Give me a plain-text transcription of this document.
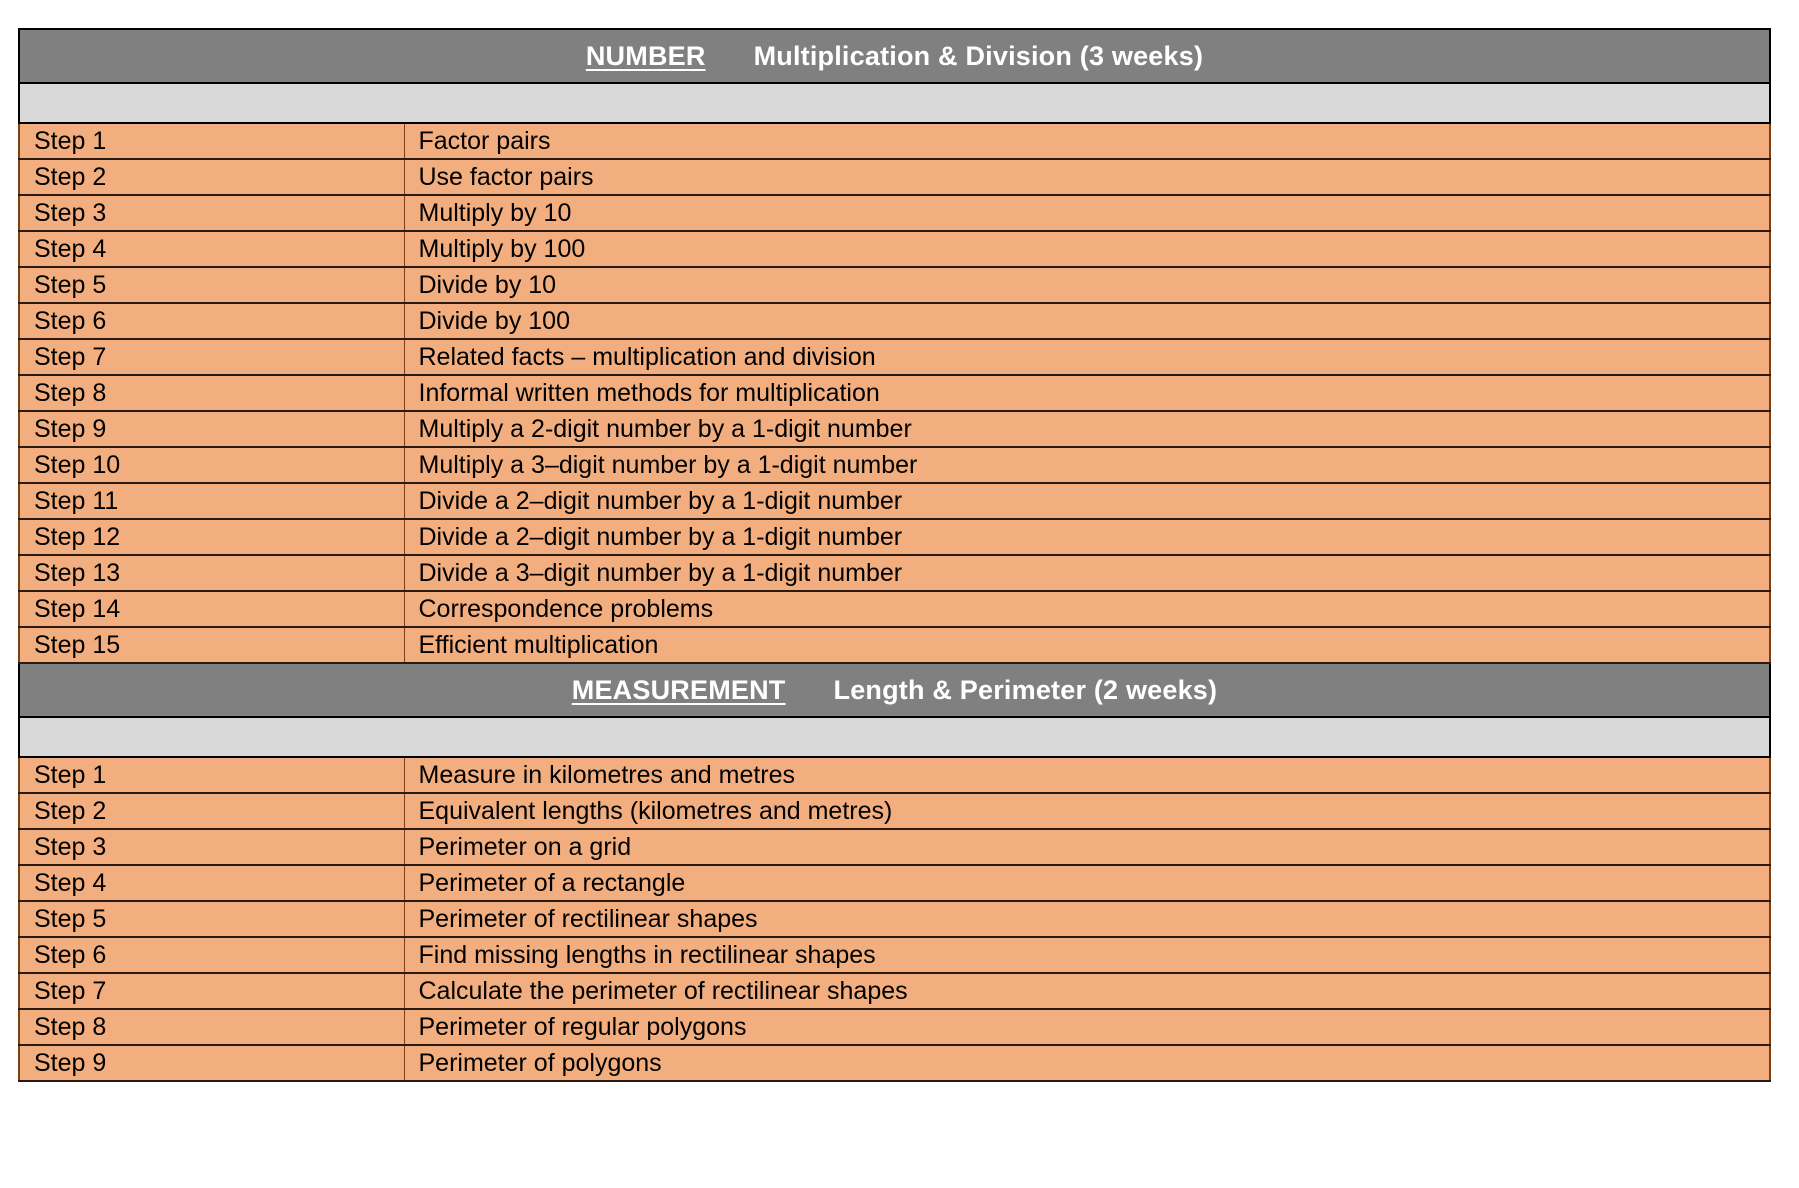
NUMBER Multiplication & Division (3 weeks)	

Step 1	Factor pairs
Step 2	Use factor pairs
Step 3	Multiply by 10
Step 4	Multiply by 100
Step 5	Divide by 10
Step 6	Divide by 100
Step 7	Related facts – multiplication and division
Step 8	Informal written methods for multiplication
Step 9	Multiply a 2-digit number by a 1-digit number
Step 10	Multiply a 3–digit number by a 1-digit number
Step 11	Divide a 2–digit number by a 1-digit number
Step 12	Divide a 2–digit number by a 1-digit number
Step 13	Divide a 3–digit number by a 1-digit number
Step 14	Correspondence problems
Step 15	Efficient multiplication
MEASUREMENT Length & Perimeter (2 weeks)	

Step 1	Measure in kilometres and metres
Step 2	Equivalent lengths (kilometres and metres)
Step 3	Perimeter on a grid
Step 4	Perimeter of a rectangle
Step 5	Perimeter of rectilinear shapes
Step 6	Find missing lengths in rectilinear shapes
Step 7	Calculate the perimeter of rectilinear shapes
Step 8	Perimeter of regular polygons
Step 9	Perimeter of polygons
